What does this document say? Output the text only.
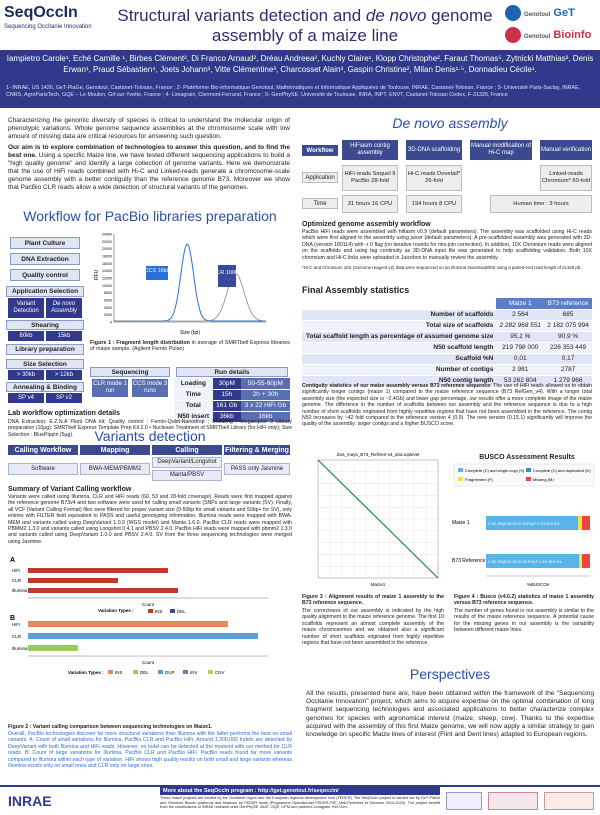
SeqOccIn
Sequencing Occitanie Innovation
Structural variants detection and de novo genome
assembly of a maize line
Genotoul GeT
Genotoul Bioinfo
Iampietro Carole¹, Eché Camille ¹, Birbes Clément², Di Franco Arnaud², Dréau Andreea², Kuchly Claire¹, Klopp Christophe², Faraut Thomas⁵, Zytnicki Matthias², Denis Erwan¹, Praud Sébastien⁴, Joets Johann³, Vitte Clémentine³, Charcosset Alain³, Gaspin Christine², Milan Denis¹·⁵, Donnadieu Cécile¹.
1- INRAE, US 1426, GeT-PlaGe, Genotoul, Castanet-Tolosan, France ; 2- Plateforme Bio-informatique Genotoul, Mathématiques et Informatique Appliquées de Toulouse, INRAE, Castanet-Tolosan, France ; 3- Université Paris-Saclay, INRAE, CNRS, AgroParisTech, GQE – Le Moulon, Gif-sur-Yvette, France ; 4- Limagrain, Clermont-Ferrand, France ; 5- GenPhySE, Université de Toulouse, INRA, INPT, ENVT, Castanet-Tolosan Cedex, F-31326, France

Characterizing the genomic diversity of species is critical to understand the molecular origin of phenotypic variations. Whole genome sequence assemblies at the chromosome scale with low amount of missing data are critical resources for answering such question.

Our aim is to explore combination of technologies to answer this question, and to find the best one. Using a specific Maize line, we have tested different sequencing applications to build a "high quality genome" and identify a large collection of genome variants. Here we demonstrate that the use of HiFi reads combined with Hi-C and Linked-reads generate a chromosome-scale genome assembly with a better contiguity than the reference genome B73. Moreover we show that PacBio CLR reads allow a wide detection of structural variants of the genomes.

Workflow for PacBio libraries preparation
Plant Culture
DNA Extraction
Quality control
Application Selection
Variant Detection
De novo Assembly
Shearing
60kb	15kb
Library preparation
Size Selection
> 30kb	> 12kb
Annealing & Binding
SP v4	SP v2
0
2000
4000
6000
8000
10000
12000
14000
16000
18000
20000
22000
24000
CCS 16kb	CLR 100kb
Size (bp)
RFU
Figure 1 : Fragment length distribution in average of SMRTbell Express libraries of maize sample. (Agilent Femto Pulse)
Sequencing
CLR mode 1 run
CCS mode 3 runs
Run details
Loading	30pM	50-55-60pM
Time	15h	2h + 30h
Total	161 Gb	3 x 22 HiFi Gb
N50 insert	36kb	16kb
Lab workflow optimization details
DNA Extraction: E.Z.N.A Plant DNA kit; Quality control : Femto-Qubit-Nanodrop ; Shearing : Megaruptor 3 Library preparation (10µg): SMRTbell Express Template Prep Kit 2.0 • Nuclease Treatment of SMRTbell Library (for HiFi only); Size Selection : BluePippin (5µg).	Variants detection
Calling Workflow	Mapping	Calling	Filtering & Merging
Software	BWA-MEM/PBMM2
DeepVariant/Longshot
Manta/PBSV
PASS only Jasmine
Summary of Variant Calling workflow
Variants were called using Illumina, CLR and HiFi reads (60, 53 and 28-fold coverage). Reads were first mapped against the reference genome B73v4 and two software were used for calling small variants (SNPs and large variants (SV). Finally, all VCF (Variant Calling Format) files were filtered for proper variant size (0-50bp for small variants and 50bp+ for SV), only entries with FILTER field equivalent to PASS and useful genotyping information. Illumina reads were mapped with BWA-MEM and variants called using DeepVariant 1.0.0 (WGS model) and Manta 1.6.0. PacBio CLR reads were mapped with PBMM2 1.3.0 and variants called using Longshot 0.4.1 and PBSV 2.4.0. PacBio HiFi reads were mapped with pbmm2 1.3.0 and variants called using DeepVariant 1.0.0 and PBSV 2.4.0. SV from the three sequencing technologies were merged using Jasmine.
A
HiFi
CLR
Illumina
Count
B
Variation Types :	INS	DEL
HiFi
CLR
Illumina
Count
Variation Types :	INS	DEL	DUP	INV	CNV
Figure 2 : Variant calling comparison between sequencing technologies on Maize1.
Overall, PacBio technologies discover far more structural variations than Illumina with the latter performs the best on small variants. A: Count of small variations for Illumina, PacBio CLR and PacBio HiFi. Around 1,300,000 Indels are detected by DeepVariant with both Illumina and HiFi reads. However, no Indel can be detected at the moment with our method for CLR reads. B: Count of large variations for Illumina, PacBio CLR and PacBio HiFi. PacBio reads found far more variants compared to Illumina within each type of variation. HiFi shows high quality results on both small and large variants whereas Illumina excels only on small ones and CLR only on large ones.
De novo assembly
Workflow
Application
Time
HiFiasm contig assembly
3D-DNA scaffolding
Manual modification of Hi-C map
Manual verification
HiFi reads Sequel II PacBio 28-fold
Hi-C reads Dovetail* 26-fold
Linked-reads Chromium* 60-fold
31 hours 16 CPU	194 hours 8 CPU	Human time : 3 hours
Optimized genome assembly workflow
PacBio HiFi reads were assembled with hifiasm v0.9 (default parameters). The assembly was scaffolded using Hi-C reads which were first aligned to the assembly using juicer (default parameters). A pre-scaffolded assembly was generated with 3D-DNA (version 180114) with -r 0 flag (no iterative rounds for mis-join correction). In addition, 10X Chromium reads were aligned on the scaffolds and using tag continuity as 3D-DNA input file was generated to help scaffolding validation. Both 10X chromium and Hi-C links were uploaded in Juicebox to manually review the assembly.
*Hi-C and Chromium 10X (Genome reagent v2) data were sequenced on an Illumina NovaSeq6000 using a paired-end read length of 2x150 pb.
Final Assembly statistics
	Maize 1	B73 reference
Number of scaffolds	2 564	685
Total size of scaffolds	2 282 968 551	2 182 075 994
Total scaffold length as percentage of assumed genome size	95,1 %	90,9 %
N50 scaffold length	219 798 000	226 353 449
Scaffold %N	0,01	0,17
Number of contigs	2 981	2787
N50 contig length	53 262 804	1 279 966
Contiguity statistics of our maize assembly versus B73 reference sequence: The use of HiFi reads allowed us to obtain significantly longer contigs (maize 1) compared to the maize reference sequence (B73 RefGen_v4). With a longer total assembly size (the expected size is ~2.4Gb) and lower gap percentage, our results offer a more complete image of the maize genome. The difference in the number of scaffolds between our assembly and the reference sequence is due to a high number of short scaffolds originated from highly repetitive regions that have not been assembled in the reference. The contig N50 increases by ~42 fold compared to the reference version 4 (0.9). The new version (0.15.1) significantly will improve the quality of the assembly: larger contigs and a higher BUSCO score.
Zea_mays_B73_RefGen-v4_dna.toplevel
Maize1
Figure 3 : Alignment results of maize 1 assembly to the B73 reference sequence.
The correctness of our assembly is indicated by the high quality alignment to the maize reference genome. The first 10 scaffolds represent an almost complete assembly of the maize chromosomes and we obtained also a significant number of short scaffolds originated from highly repetitive regions that have not been assembled in the reference.
BUSCO Assessment Results
Complete (C) and single-copy (S) Complete (C) and duplicated (D)
Fragmented (F)	Missing (M)
Maize 1
B73 Reference
C:92.1%[S:86.6%,D:5.5%],F:2.3%,M:5.6%
C:92.1%[S:81.2%,D:10.9%],F:1.6%,M:6.3%
%BUSCOs
Figure 4 : Busco (v4.0.2) statistics of maize 1 assembly versus B73 reference sequence.
The number of genes found in our assembly is similar to the results of the maize reference sequence. A potential cause for the missing genes in our assembly is the variability between different maize lines.
Perspectives
All the results, presented here are, have been obtained within the framework of the "Sequencing Occitanie Innovation" project, which aims to acquire expertise on the optimal combination of long fragment sequencing technologies and associated applications to better characterize complex genomes for species with agronomical interest (maize, sheep, cow). Thanks to the expertise acquired with the assembly of this first Maize genome, we will now apply a similar strategy to gain knowledge on specific Maize lines of interest (Flint and Dent lines) adapted to European regions.
INRAE
More about the SeqOccIn program : http://get.genotoul.fr/seqoccin/
These maize projects are funded by the Occitanie region and the European regional development fund (FEDER). The SeqOccIn project is carried out by GeT-PlaGe and Genotoul Bioinfo platforms and financed by FEDER funds (Programme Opérationnel FEDER-FSE_Midi-Pyrénées et Garonne 2014-2020). The project benefit from the contributions of INRAE research units GenPhySE, MIAT, GQE, LIPM and partners Limagrain, Ker-Gen.
